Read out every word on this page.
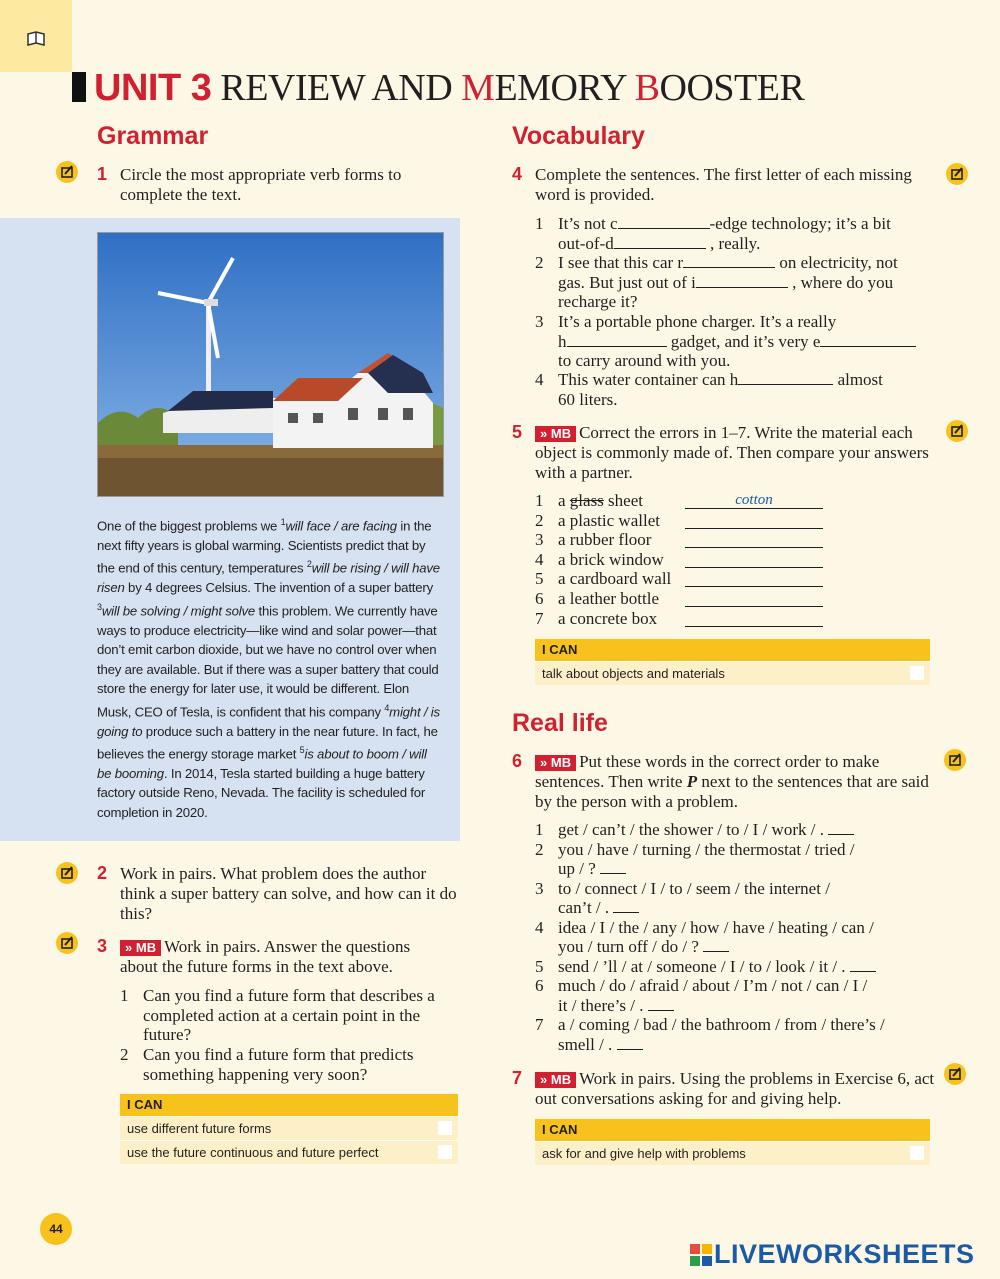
UNIT 3 REVIEW AND MEMORY BOOSTER
Grammar
1 Circle the most appropriate verb forms to complete the text.
One of the biggest problems we $^1$will face / are facing in the next fifty years is global warming. Scientists predict that by the end of this century, temperatures $^2$will be rising / will have risen by 4 degrees Celsius. The invention of a super battery $^3$will be solving / might solve this problem. We currently have ways to produce electricity—like wind and solar power—that don’t emit carbon dioxide, but we have no control over when they are available. But if there was a super battery that could store the energy for later use, it would be different. Elon Musk, CEO of Tesla, is confident that his company $^4$might / is going to produce such a battery in the near future. In fact, he believes the energy storage market $^5$is about to boom / will be booming. In 2014, Tesla started building a huge battery factory outside Reno, Nevada. The facility is scheduled for completion in 2020.
2 Work in pairs. What problem does the author think a super battery can solve, and how can it do this?
3	» MB Work in pairs. Answer the questions about the future forms in the text above.
1 Can you find a future form that describes a completed action at a certain point in the future?
2 Can you find a future form that predicts something happening very soon?
I CAN
use different future forms
use the future continuous and future perfect
Vocabulary
4 Complete the sentences. The first letter of each missing word is provided.
1 It’s not c	-edge technology; it’s a bit
out-of-d	, really.
2 I see that this car r	on electricity, not
gas. But just out of i	, where do you
recharge it?
3 It’s a portable phone charger. It’s a really
h	gadget, and it’s very e
to carry around with you.
4 This water container can h	almost
60 liters.
5	» MB Correct the errors in 1–7. Write the material each object is commonly made of. Then compare your answers with a partner.
1 a glass sheet	cotton
2 a plastic wallet
3 a rubber floor
4 a brick window
5 a cardboard wall
6 a leather bottle
7 a concrete box
I CAN
talk about objects and materials
Real life
6	» MB Put these words in the correct order to make sentences. Then write P next to the sentences that are said by the person with a problem.
1 get / can’t / the shower / to / I / work / .
2 you / have / turning / the thermostat / tried /
up / ?
3 to / connect / I / to / seem / the internet /
can’t / .
4 idea / I / the / any / how / have / heating / can /
you / turn off / do / ?
5 send / ’ll / at / someone / I / to / look / it / .
6 much / do / afraid / about / I’m / not / can / I /
it / there’s / .
7 a / coming / bad / the bathroom / from / there’s /
smell / .
7	» MB Work in pairs. Using the problems in Exercise 6, act out conversations asking for and giving help.
I CAN
ask for and give help with problems
44
LIVEWORKSHEETS
